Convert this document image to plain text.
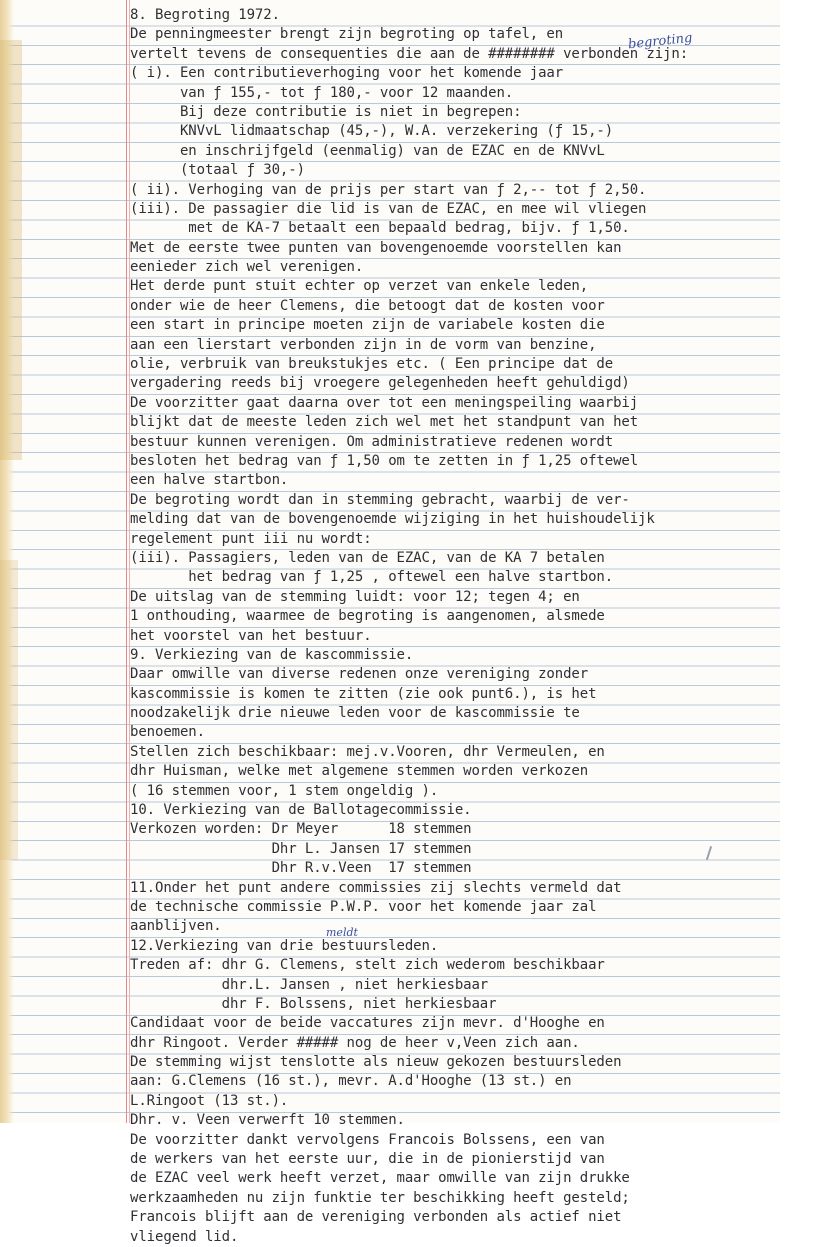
8. Begroting 1972.
De penningmeester brengt zijn begroting op tafel, en
vertelt tevens de consequenties die aan de ######## verbonden zijn:
( i). Een contributieverhoging voor het komende jaar
van ƒ 155,- tot ƒ 180,- voor 12 maanden.
Bij deze contributie is niet in begrepen:
KNVvL lidmaatschap (45,-), W.A. verzekering (ƒ 15,-)
en inschrijfgeld (eenmalig) van de EZAC en de KNVvL
(totaal ƒ 30,-)
( ii). Verhoging van de prijs per start van ƒ 2,-- tot ƒ 2,50.
(iii). De passagier die lid is van de EZAC, en mee wil vliegen
met de KA-7 betaalt een bepaald bedrag, bijv. ƒ 1,50.
Met de eerste twee punten van bovengenoemde voorstellen kan
eenieder zich wel verenigen.
Het derde punt stuit echter op verzet van enkele leden,
onder wie de heer Clemens, die betoogt dat de kosten voor
een start in principe moeten zijn de variabele kosten die
aan een lierstart verbonden zijn in de vorm van benzine,
olie, verbruik van breukstukjes etc. ( Een principe dat de
vergadering reeds bij vroegere gelegenheden heeft gehuldigd)
De voorzitter gaat daarna over tot een meningspeiling waarbij
blijkt dat de meeste leden zich wel met het standpunt van het
bestuur kunnen verenigen. Om administratieve redenen wordt
besloten het bedrag van ƒ 1,50 om te zetten in ƒ 1,25 oftewel
een halve startbon.
De begroting wordt dan in stemming gebracht, waarbij de ver-
melding dat van de bovengenoemde wijziging in het huishoudelijk
regelement punt iii nu wordt:
(iii). Passagiers, leden van de EZAC, van de KA 7 betalen
het bedrag van ƒ 1,25 , oftewel een halve startbon.
De uitslag van de stemming luidt: voor 12; tegen 4; en
1 onthouding, waarmee de begroting is aangenomen, alsmede
het voorstel van het bestuur.
9. Verkiezing van de kascommissie.
Daar omwille van diverse redenen onze vereniging zonder
kascommissie is komen te zitten (zie ook punt6.), is het
noodzakelijk drie nieuwe leden voor de kascommissie te
benoemen.
Stellen zich beschikbaar: mej.v.Vooren, dhr Vermeulen, en
dhr Huisman, welke met algemene stemmen worden verkozen
( 16 stemmen voor, 1 stem ongeldig ).
10. Verkiezing van de Ballotagecommissie.
Verkozen worden: Dr Meyer      18 stemmen
Dhr L. Jansen 17 stemmen
Dhr R.v.Veen  17 stemmen
11.Onder het punt andere commissies zij slechts vermeld dat
de technische commissie P.W.P. voor het komende jaar zal
aanblijven.
12.Verkiezing van drie bestuursleden.
Treden af: dhr G. Clemens, stelt zich wederom beschikbaar
dhr.L. Jansen , niet herkiesbaar
dhr F. Bolssens, niet herkiesbaar
Candidaat voor de beide vaccatures zijn mevr. d'Hooghe en
dhr Ringoot. Verder ##### nog de heer v,Veen zich aan.
De stemming wijst tenslotte als nieuw gekozen bestuursleden
aan: G.Clemens (16 st.), mevr. A.d'Hooghe (13 st.) en
L.Ringoot (13 st.).
Dhr. v. Veen verwerft 10 stemmen.
De voorzitter dankt vervolgens Francois Bolssens, een van
de werkers van het eerste uur, die in de pionierstijd van
de EZAC veel werk heeft verzet, maar omwille van zijn drukke
werkzaamheden nu zijn funktie ter beschikking heeft gesteld;
Francois blijft aan de vereniging verbonden als actief niet
vliegend lid.
begroting
meldt
